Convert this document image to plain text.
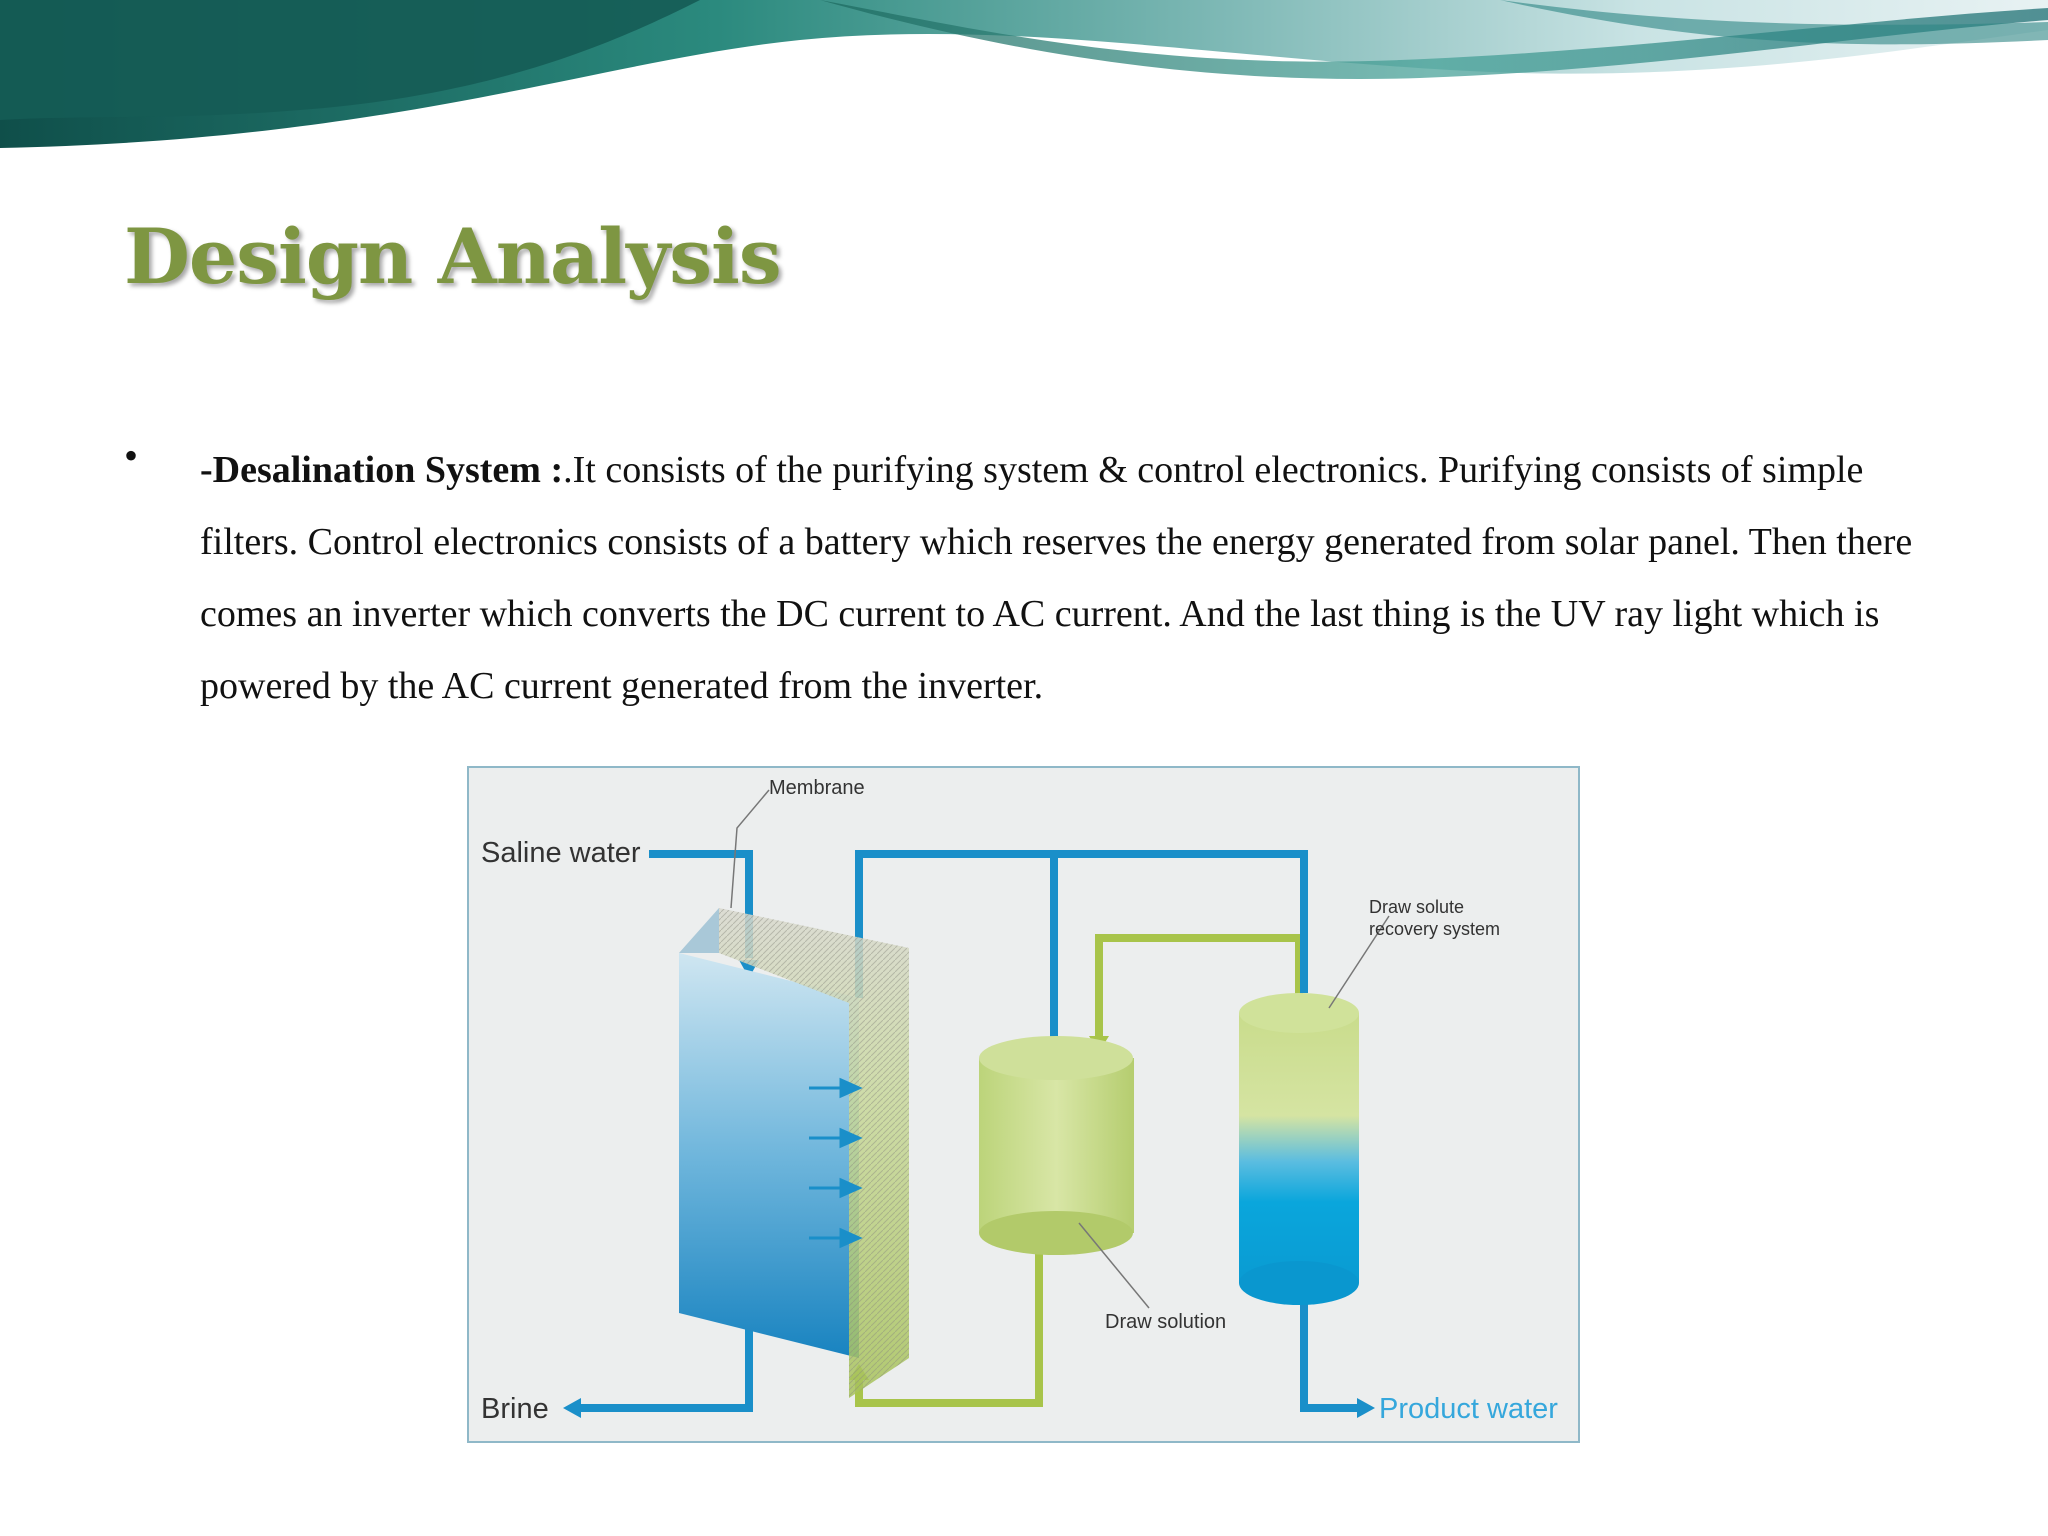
Design Analysis
• -Desalination System :.It consists of the purifying system & control electronics. Purifying consists of simple filters. Control electronics consists of a battery which reserves the energy generated from solar panel. Then there comes an inverter which converts the DC current to AC current. And the last thing is the UV ray light which is powered by the AC current generated from the inverter.

Membrane
Saline water
Draw solute
recovery system
Draw solution
Brine	Product water
